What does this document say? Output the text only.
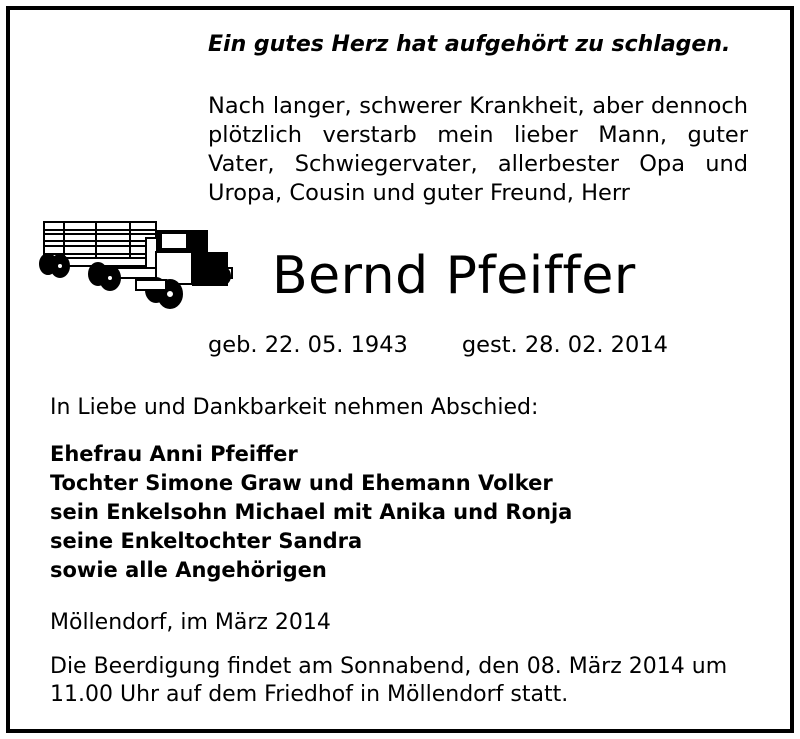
Ein gutes Herz hat aufgehört zu schlagen.
Nach langer, schwerer Krankheit, aber dennoch plötzlich verstarb mein lieber Mann, guter Vater, Schwiegervater, allerbester Opa und Uropa, Cousin und guter Freund, Herr
Bernd Pfeiffer
geb. 22. 05. 1943 gest. 28. 02. 2014
In Liebe und Dankbarkeit nehmen Abschied:
Ehefrau Anni Pfeiffer
Tochter Simone Graw und Ehemann Volker
sein Enkelsohn Michael mit Anika und Ronja
seine Enkeltochter Sandra
sowie alle Angehörigen
Möllendorf, im März 2014
Die Beerdigung findet am Sonnabend, den 08. März 2014 um
11.00 Uhr auf dem Friedhof in Möllendorf statt.
